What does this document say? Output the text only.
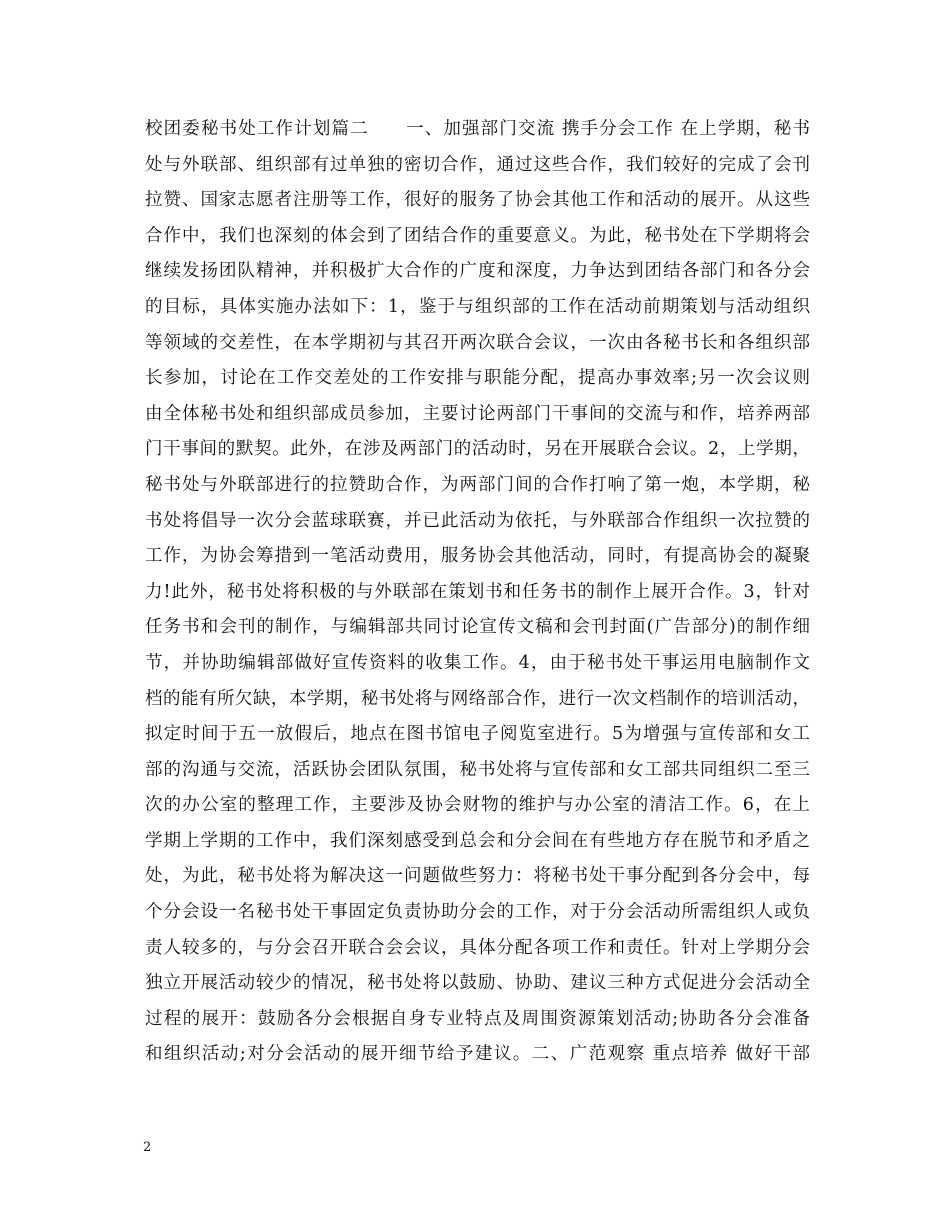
校团委秘书处工作计划篇二　　一、加强部门交流 携手分会工作 在上学期，秘书
处与外联部、组织部有过单独的密切合作，通过这些合作，我们较好的完成了会刊
拉赞、国家志愿者注册等工作，很好的服务了协会其他工作和活动的展开。从这些
合作中，我们也深刻的体会到了团结合作的重要意义。为此，秘书处在下学期将会
继续发扬团队精神，并积极扩大合作的广度和深度，力争达到团结各部门和各分会
的目标，具体实施办法如下：1，鉴于与组织部的工作在活动前期策划与活动组织
等领域的交差性，在本学期初与其召开两次联合会议，一次由各秘书长和各组织部
长参加，讨论在工作交差处的工作安排与职能分配，提高办事效率;另一次会议则
由全体秘书处和组织部成员参加，主要讨论两部门干事间的交流与和作，培养两部
门干事间的默契。此外，在涉及两部门的活动时，另在开展联合会议。2，上学期，
秘书处与外联部进行的拉赞助合作，为两部门间的合作打响了第一炮，本学期，秘
书处将倡导一次分会蓝球联赛，并已此活动为依托，与外联部合作组织一次拉赞的
工作，为协会筹措到一笔活动费用，服务协会其他活动，同时，有提高协会的凝聚
力!此外，秘书处将积极的与外联部在策划书和任务书的制作上展开合作。3，针对
任务书和会刊的制作，与编辑部共同讨论宣传文稿和会刊封面(广告部分)的制作细
节，并协助编辑部做好宣传资料的收集工作。4，由于秘书处干事运用电脑制作文
档的能有所欠缺，本学期，秘书处将与网络部合作，进行一次文档制作的培训活动，
拟定时间于五一放假后，地点在图书馆电子阅览室进行。5为增强与宣传部和女工
部的沟通与交流，活跃协会团队氛围，秘书处将与宣传部和女工部共同组织二至三
次的办公室的整理工作，主要涉及协会财物的维护与办公室的清洁工作。6，在上
学期上学期的工作中，我们深刻感受到总会和分会间在有些地方存在脱节和矛盾之
处，为此，秘书处将为解决这一问题做些努力：将秘书处干事分配到各分会中，每
个分会设一名秘书处干事固定负责协助分会的工作，对于分会活动所需组织人或负
责人较多的，与分会召开联合会会议，具体分配各项工作和责任。针对上学期分会
独立开展活动较少的情况，秘书处将以鼓励、协助、建议三种方式促进分会活动全
过程的展开：鼓励各分会根据自身专业特点及周围资源策划活动;协助各分会准备
和组织活动;对分会活动的展开细节给予建议。二、广范观察 重点培养 做好干部
2
